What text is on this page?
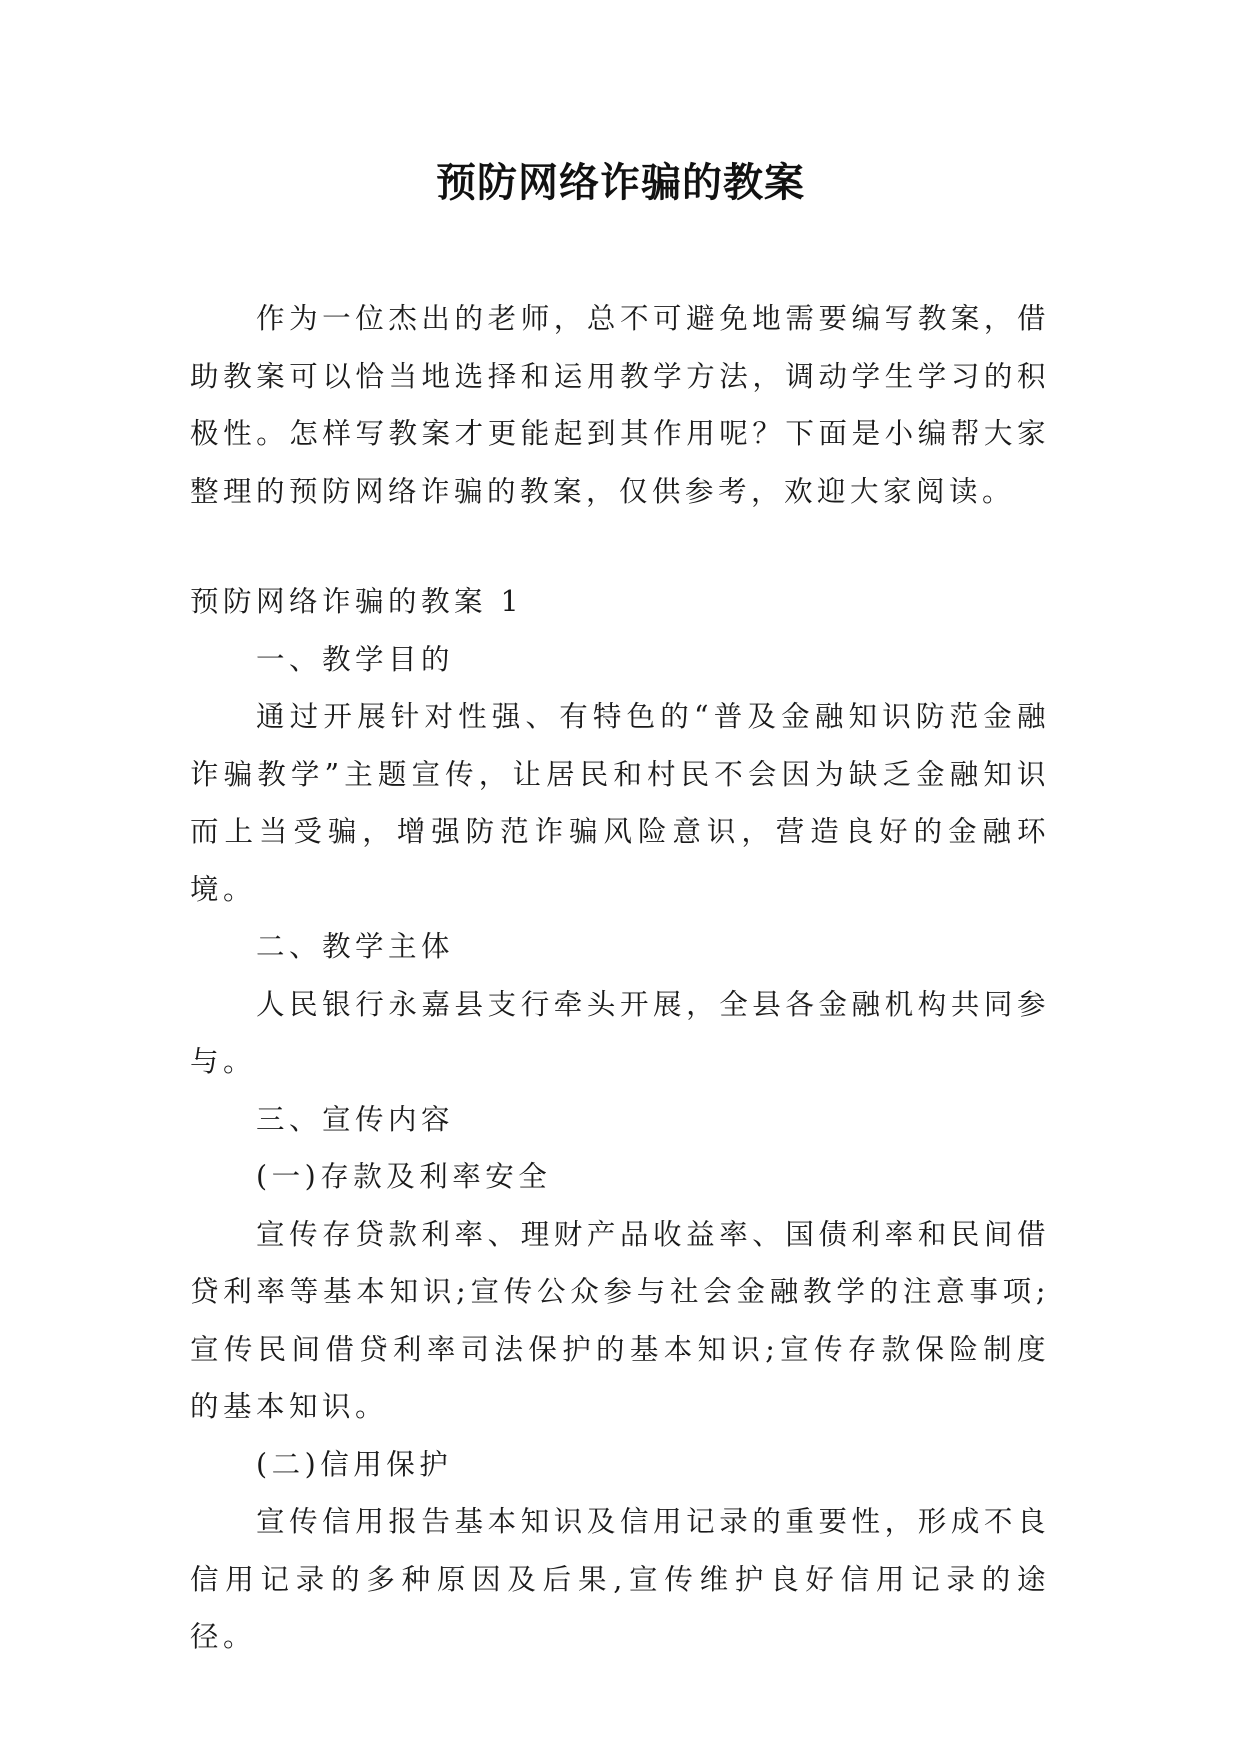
预防网络诈骗的教案

作为一位杰出的老师，总不可避免地需要编写教案，借助教案可以恰当地选择和运用教学方法，调动学生学习的积极性。怎样写教案才更能起到其作用呢？下面是小编帮大家整理的预防网络诈骗的教案，仅供参考，欢迎大家阅读。

预防网络诈骗的教案 1

一、教学目的

通过开展针对性强、有特色的“普及金融知识防范金融诈骗教学”主题宣传，让居民和村民不会因为缺乏金融知识而上当受骗，增强防范诈骗风险意识，营造良好的金融环境。

二、教学主体

人民银行永嘉县支行牵头开展，全县各金融机构共同参与。

三、宣传内容

(一)存款及利率安全

宣传存贷款利率、理财产品收益率、国债利率和民间借贷利率等基本知识;宣传公众参与社会金融教学的注意事项;宣传民间借贷利率司法保护的基本知识;宣传存款保险制度的基本知识。

(二)信用保护

宣传信用报告基本知识及信用记录的重要性，形成不良信用记录的多种原因及后果,宣传维护良好信用记录的途径。
